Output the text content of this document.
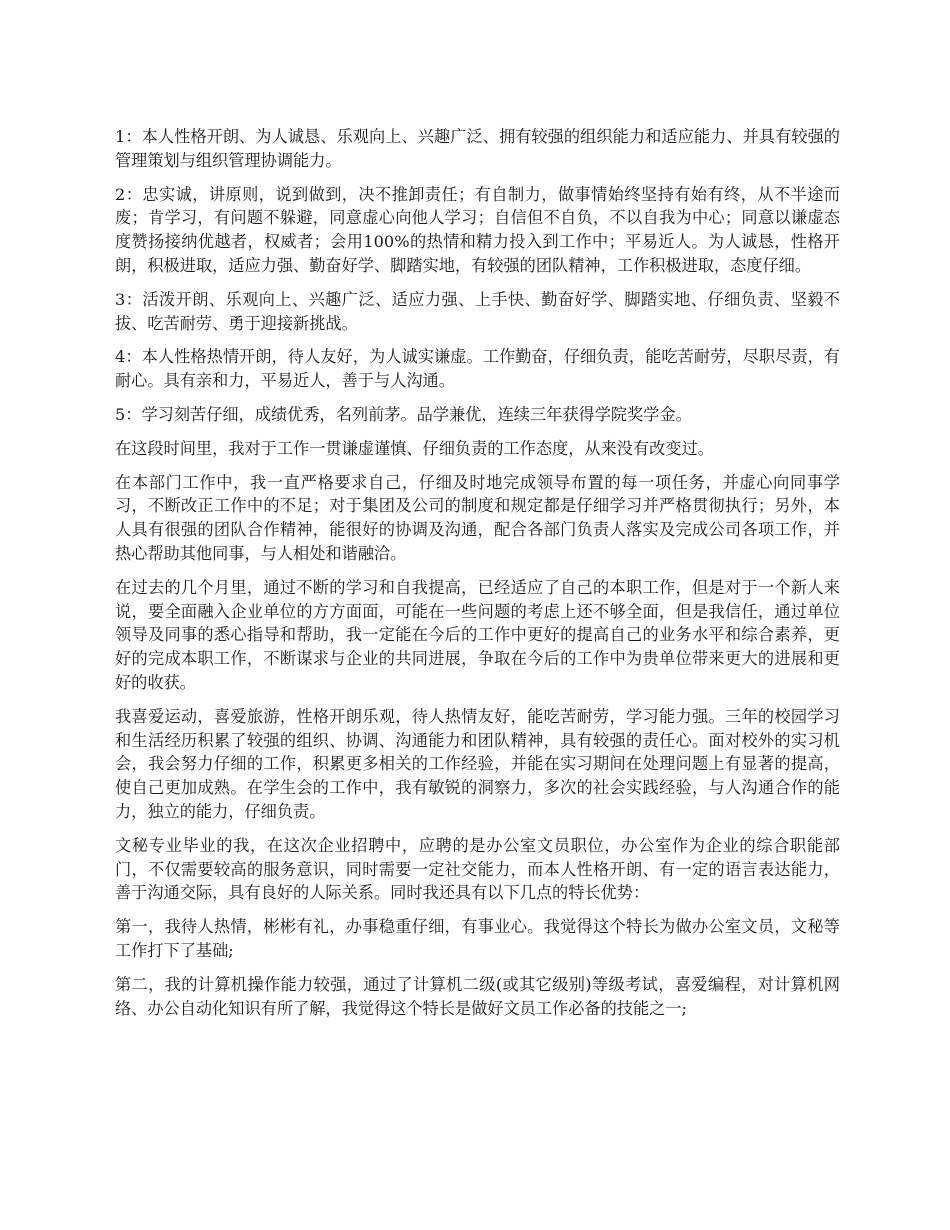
1：本人性格开朗、为人诚恳、乐观向上、兴趣广泛、拥有较强的组织能力和适应能力、并具有较强的管理策划与组织管理协调能力。

2：忠实诚，讲原则，说到做到，决不推卸责任；有自制力，做事情始终坚持有始有终，从不半途而废；肯学习，有问题不躲避，同意虚心向他人学习；自信但不自负，不以自我为中心；同意以谦虚态度赞扬接纳优越者，权威者；会用100%的热情和精力投入到工作中；平易近人。为人诚恳，性格开朗，积极进取，适应力强、勤奋好学、脚踏实地，有较强的团队精神，工作积极进取，态度仔细。

3：活泼开朗、乐观向上、兴趣广泛、适应力强、上手快、勤奋好学、脚踏实地、仔细负责、坚毅不拔、吃苦耐劳、勇于迎接新挑战。

4：本人性格热情开朗，待人友好，为人诚实谦虚。工作勤奋，仔细负责，能吃苦耐劳，尽职尽责，有耐心。具有亲和力，平易近人，善于与人沟通。

5：学习刻苦仔细，成绩优秀，名列前茅。品学兼优，连续三年获得学院奖学金。

在这段时间里，我对于工作一贯谦虚谨慎、仔细负责的工作态度，从来没有改变过。

在本部门工作中，我一直严格要求自己，仔细及时地完成领导布置的每一项任务，并虚心向同事学习，不断改正工作中的不足；对于集团及公司的制度和规定都是仔细学习并严格贯彻执行；另外，本人具有很强的团队合作精神，能很好的协调及沟通，配合各部门负责人落实及完成公司各项工作，并热心帮助其他同事，与人相处和谐融洽。

在过去的几个月里，通过不断的学习和自我提高，已经适应了自己的本职工作，但是对于一个新人来说，要全面融入企业单位的方方面面，可能在一些问题的考虑上还不够全面，但是我信任，通过单位领导及同事的悉心指导和帮助，我一定能在今后的工作中更好的提高自己的业务水平和综合素养，更好的完成本职工作，不断谋求与企业的共同进展，争取在今后的工作中为贵单位带来更大的进展和更好的收获。

我喜爱运动，喜爱旅游，性格开朗乐观，待人热情友好，能吃苦耐劳，学习能力强。三年的校园学习和生活经历积累了较强的组织、协调、沟通能力和团队精神，具有较强的责任心。面对校外的实习机会，我会努力仔细的工作，积累更多相关的工作经验，并能在实习期间在处理问题上有显著的提高，使自己更加成熟。在学生会的工作中，我有敏锐的洞察力，多次的社会实践经验，与人沟通合作的能力，独立的能力，仔细负责。

文秘专业毕业的我，在这次企业招聘中，应聘的是办公室文员职位，办公室作为企业的综合职能部门，不仅需要较高的服务意识，同时需要一定社交能力，而本人性格开朗、有一定的语言表达能力，善于沟通交际，具有良好的人际关系。同时我还具有以下几点的特长优势：

第一，我待人热情，彬彬有礼，办事稳重仔细，有事业心。我觉得这个特长为做办公室文员，文秘等工作打下了基础;

第二，我的计算机操作能力较强，通过了计算机二级(或其它级别)等级考试，喜爱编程，对计算机网络、办公自动化知识有所了解，我觉得这个特长是做好文员工作必备的技能之一;
